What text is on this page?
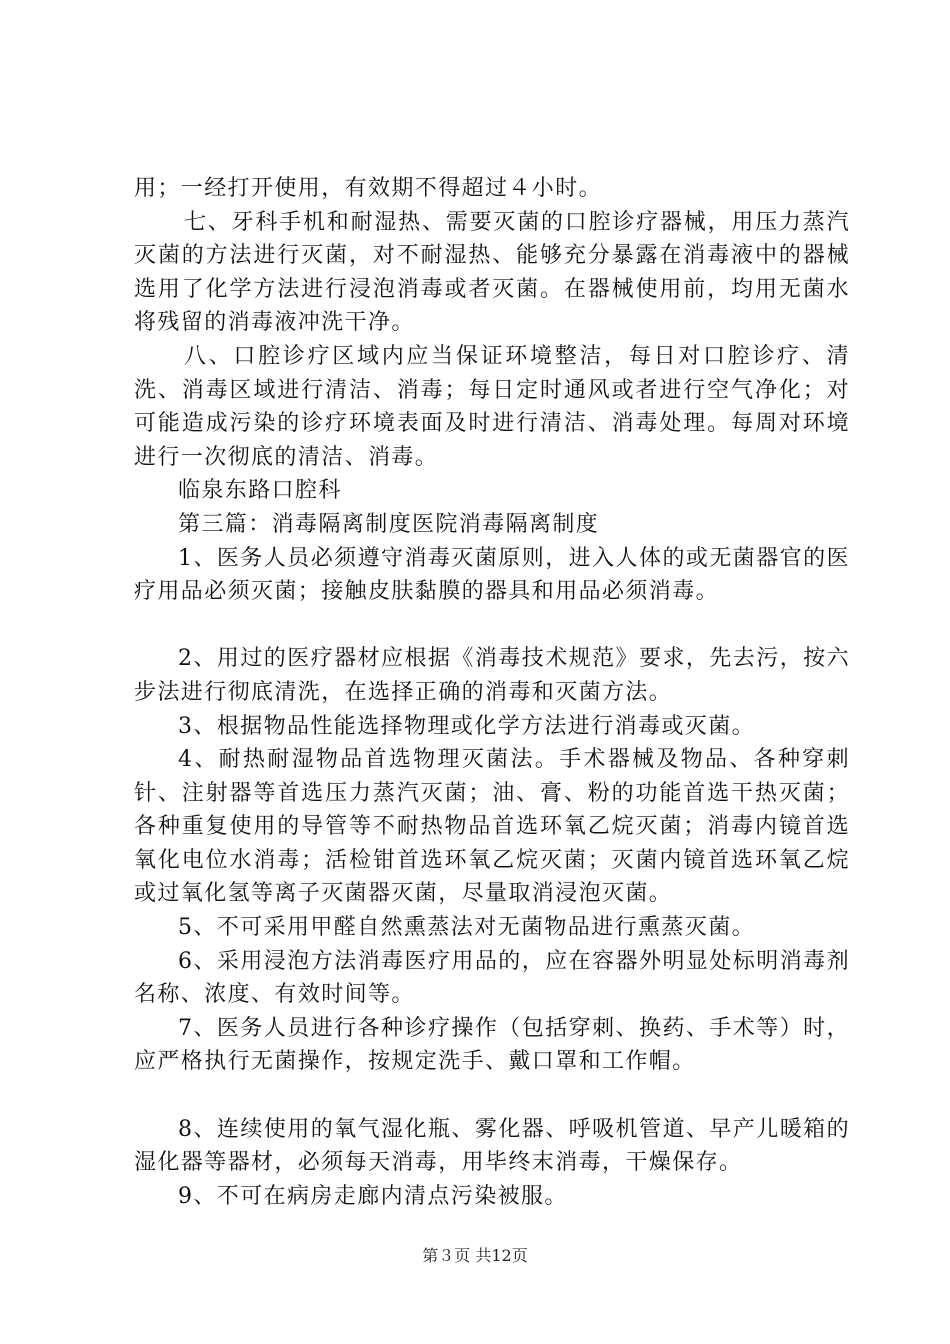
用；一经打开使用，有效期不得超过４小时。

七、牙科手机和耐湿热、需要灭菌的口腔诊疗器械，用压力蒸汽灭菌的方法进行灭菌，对不耐湿热、能够充分暴露在消毒液中的器械选用了化学方法进行浸泡消毒或者灭菌。在器械使用前，均用无菌水将残留的消毒液冲洗干净。

八、口腔诊疗区域内应当保证环境整洁，每日对口腔诊疗、清洗、消毒区域进行清洁、消毒；每日定时通风或者进行空气净化；对可能造成污染的诊疗环境表面及时进行清洁、消毒处理。每周对环境进行一次彻底的清洁、消毒。

临泉东路口腔科

第三篇：消毒隔离制度医院消毒隔离制度

1、医务人员必须遵守消毒灭菌原则，进入人体的或无菌器官的医疗用品必须灭菌；接触皮肤黏膜的器具和用品必须消毒。

2、用过的医疗器材应根据《消毒技术规范》要求，先去污，按六步法进行彻底清洗，在选择正确的消毒和灭菌方法。

3、根据物品性能选择物理或化学方法进行消毒或灭菌。

4、耐热耐湿物品首选物理灭菌法。手术器械及物品、各种穿刺针、注射器等首选压力蒸汽灭菌；油、膏、粉的功能首选干热灭菌；各种重复使用的导管等不耐热物品首选环氧乙烷灭菌；消毒内镜首选氧化电位水消毒；活检钳首选环氧乙烷灭菌；灭菌内镜首选环氧乙烷或过氧化氢等离子灭菌器灭菌，尽量取消浸泡灭菌。

5、不可采用甲醛自然熏蒸法对无菌物品进行熏蒸灭菌。

6、采用浸泡方法消毒医疗用品的，应在容器外明显处标明消毒剂名称、浓度、有效时间等。

7、医务人员进行各种诊疗操作（包括穿刺、换药、手术等）时，应严格执行无菌操作，按规定洗手、戴口罩和工作帽。

8、连续使用的氧气湿化瓶、雾化器、呼吸机管道、早产儿暖箱的湿化器等器材，必须每天消毒，用毕终末消毒，干燥保存。

9、不可在病房走廊内清点污染被服。

第３页 共12页
